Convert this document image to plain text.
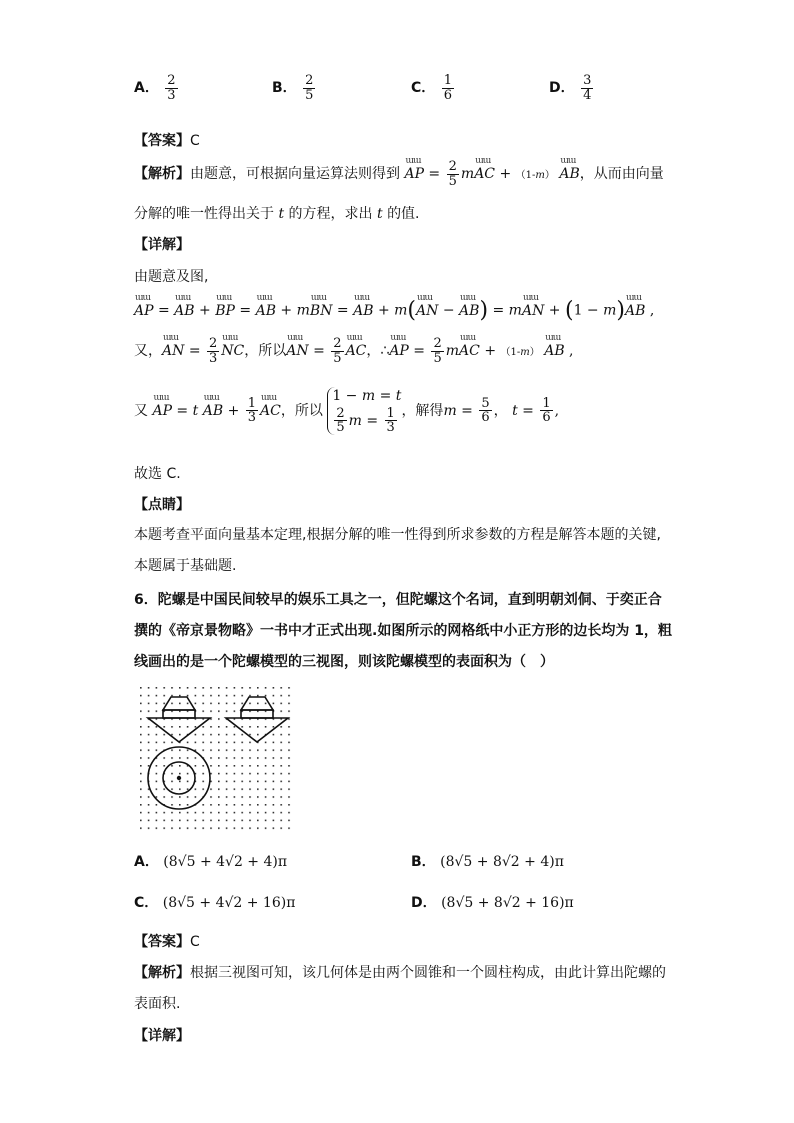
A． $\frac{2}{3}$	B． $\frac{2}{5}$	C． $\frac{1}{6}$	D． $\frac{3}{4}$
【答案】C
【解析】由题意，可根据向量运算法则得到 ɯɯ AP = $\frac{2}{5}$ mɯɯ AC + （1-m） ɯɯ AB，从而由向量
分解的唯一性得出关于 t 的方程，求出 t 的值.
【详解】
由题意及图,
ɯɯ AP = ɯɯ AB + ɯɯ BP = ɯɯ AB + mɯɯ BN = ɯɯ AB + m(ɯɯ AN − ɯɯ AB) = mɯɯ AN + (1 − m)ɯɯ AB ,
又，ɯɯ AN = $\frac{2}{3}$ ɯɯ NC，所以ɯɯ AN = $\frac{2}{5}$ ɯɯ AC，∴ɯɯ AP = $\frac{2}{5}$ mɯɯ AC + （1-m） ɯɯ AB ,
又 ɯɯ AP = t ɯɯ AB + $\frac{1}{3}$ ɯɯ AC，所以
1 − m = t
$\frac{2}{5}$ $m = \frac{1}{3}$ ，解得$m = \frac{5}{6}$ ， $t = \frac{1}{6}$ ,
故选 C.
【点睛】
本题考查平面向量基本定理,根据分解的唯一性得到所求参数的方程是解答本题的关键,
本题属于基础题.
6．陀螺是中国民间较早的娱乐工具之一，但陀螺这个名词，直到明朝刘侗、于奕正合
撰的《帝京景物略》一书中才正式出现.如图所示的网格纸中小正方形的边长均为 1，粗
线画出的是一个陀螺模型的三视图，则该陀螺模型的表面积为（　）
A． (8√5 + 4√2 + 4)π	B． (8√5 + 8√2 + 4)π
C． (8√5 + 4√2 + 16)π	D． (8√5 + 8√2 + 16)π
【答案】C
【解析】根据三视图可知，该几何体是由两个圆锥和一个圆柱构成，由此计算出陀螺的
表面积.
【详解】
